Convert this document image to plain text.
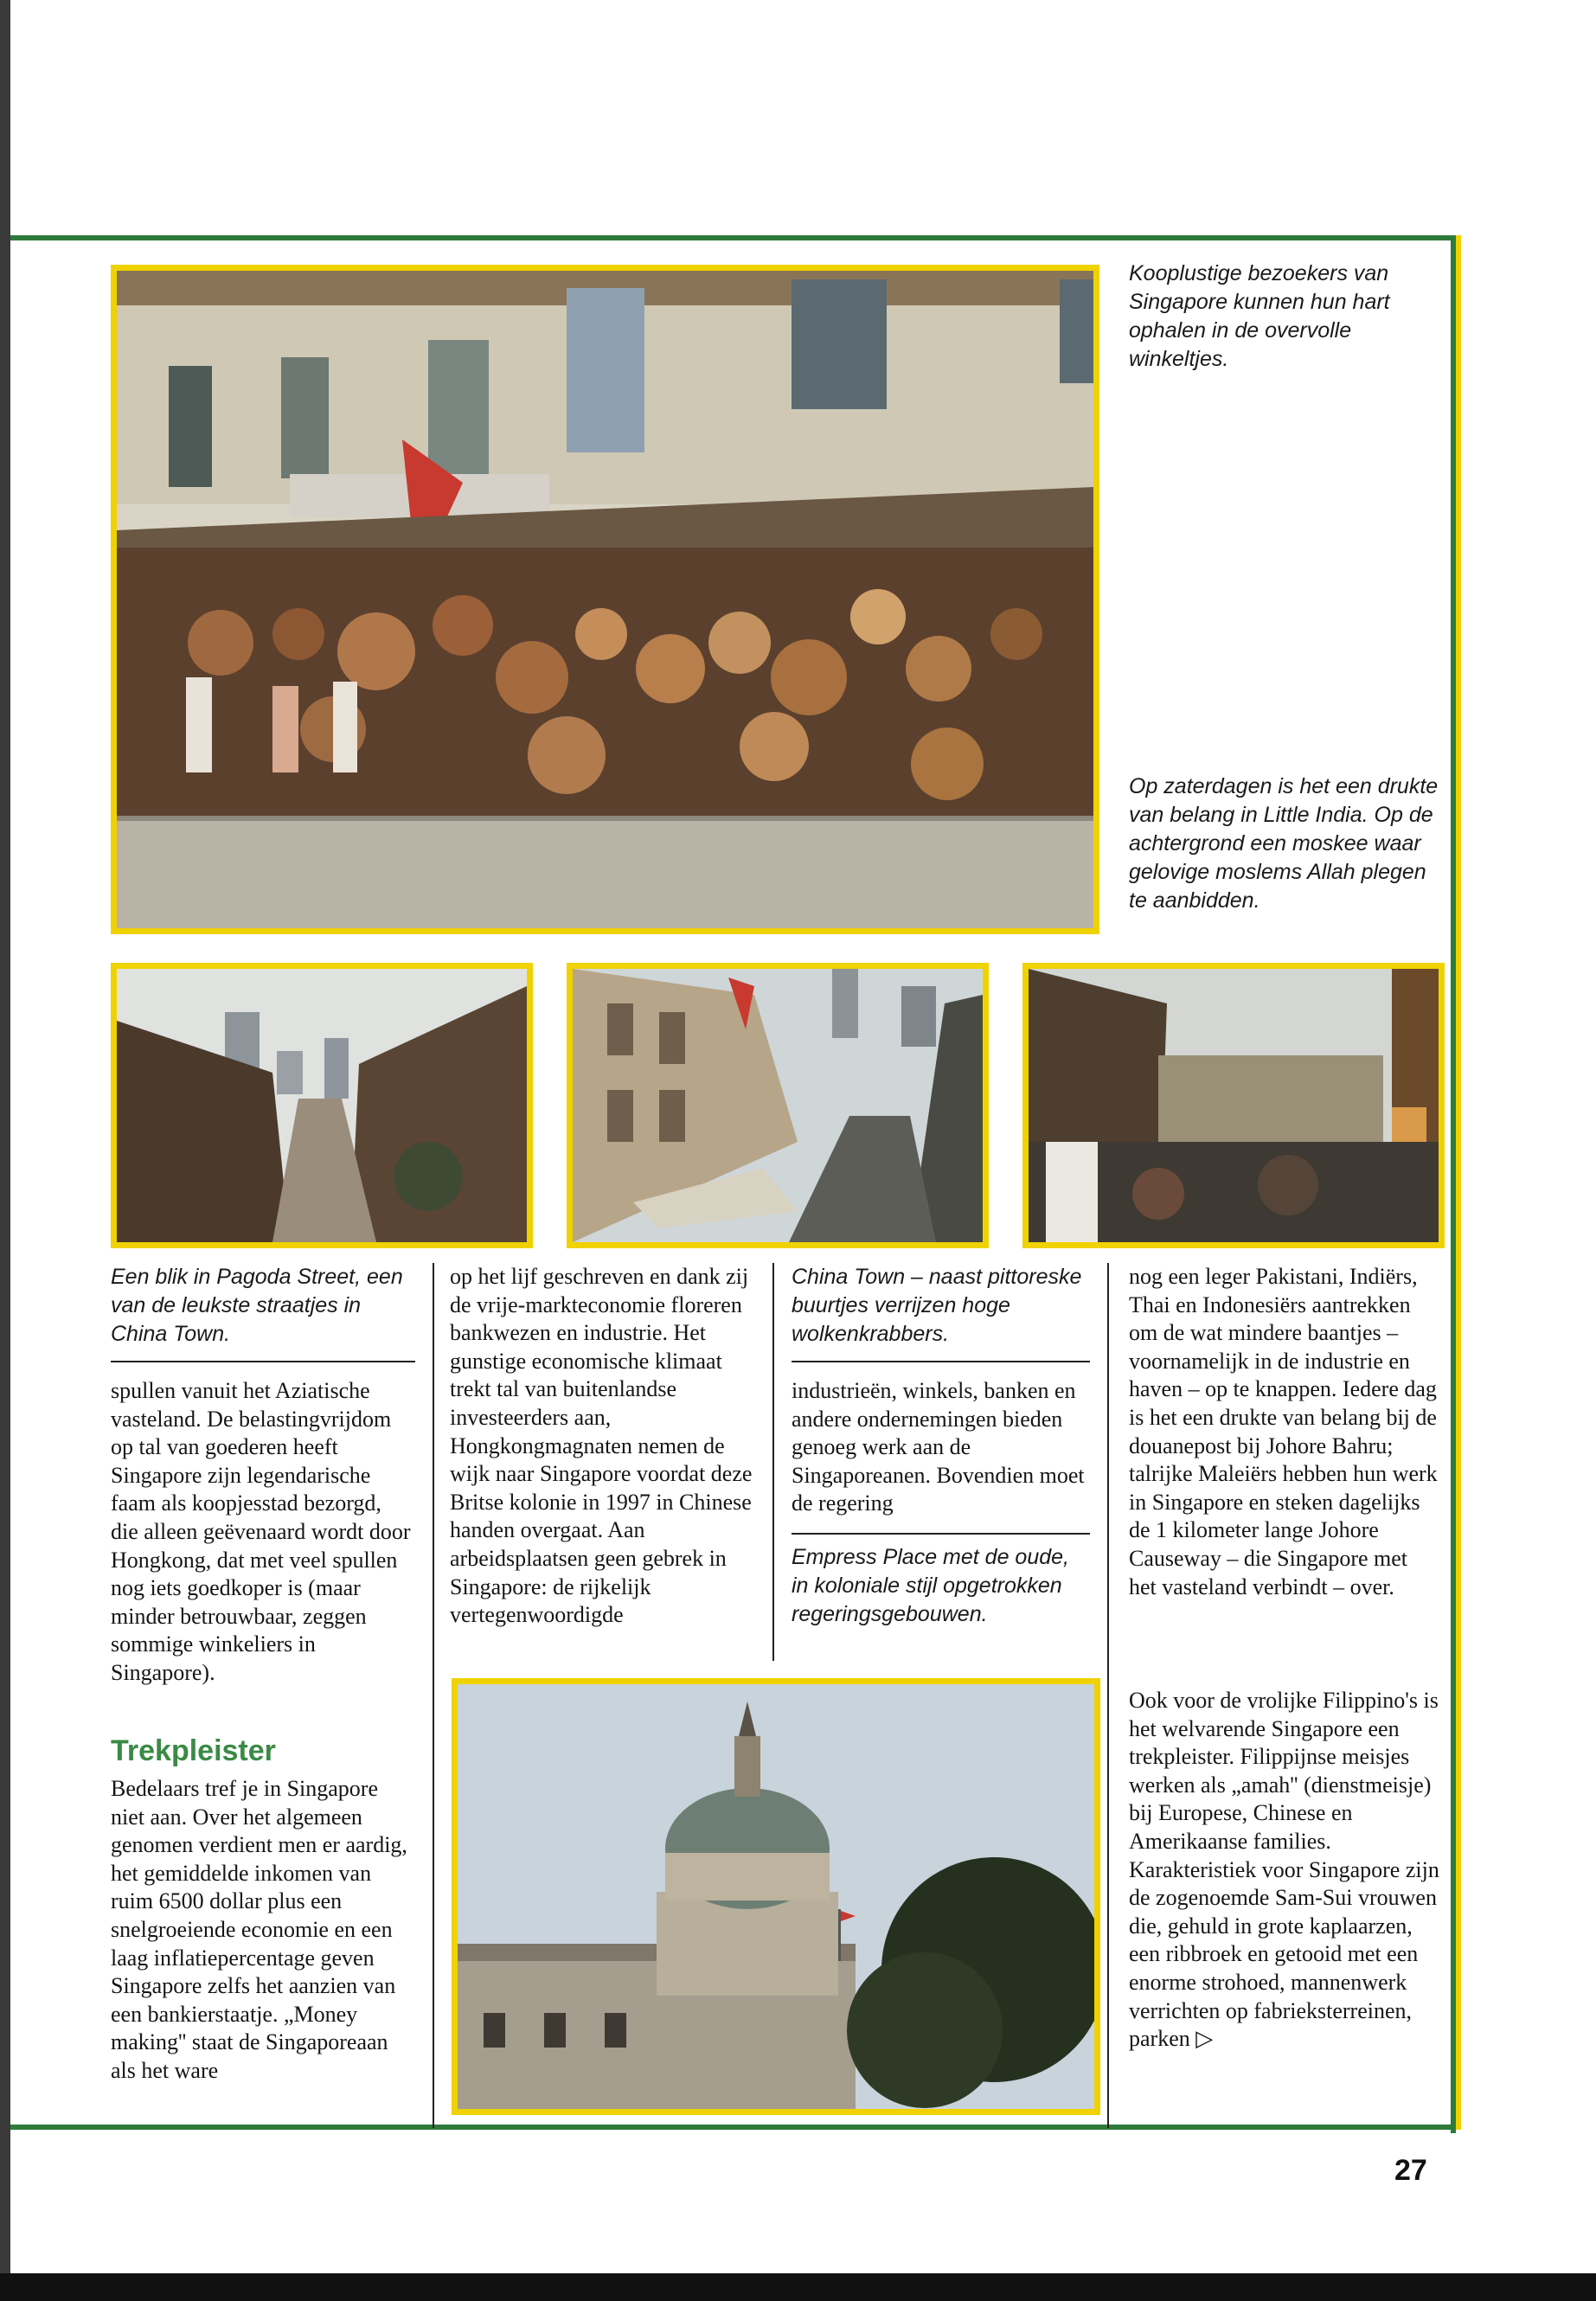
Kooplustige bezoekers van Singapore kunnen hun hart ophalen in de overvolle winkeltjes.

Op zaterdagen is het een drukte van belang in Little India. Op de achtergrond een moskee waar gelovige moslems Allah plegen te aanbidden.

Een blik in Pagoda Street, een van de leukste straatjes in China Town.

China Town – naast pittoreske buurtjes verrijzen hoge wolkenkrabbers.

Empress Place met de oude, in koloniale stijl opgetrokken regeringsgebouwen.

spullen vanuit het Aziatische vasteland. De belastingvrijdom op tal van goederen heeft Singapore zijn legendarische faam als koopjesstad bezorgd, die alleen geëvenaard wordt door Hongkong, dat met veel spullen nog iets goedkoper is (maar minder betrouwbaar, zeggen sommige winkeliers in Singapore).

Trekpleister

Bedelaars tref je in Singapore niet aan. Over het algemeen genomen verdient men er aardig, het gemiddelde inkomen van ruim 6500 dollar plus een snelgroeiende economie en een laag inflatiepercentage geven Singapore zelfs het aanzien van een bankierstaatje. „Money making'' staat de Singaporeaan als het ware

op het lijf geschreven en dank zij de vrije-markteconomie floreren bankwezen en industrie. Het gunstige economische klimaat trekt tal van buitenlandse investeerders aan, Hongkongmagnaten nemen de wijk naar Singapore voordat deze Britse kolonie in 1997 in Chinese handen overgaat. Aan arbeidsplaatsen geen gebrek in Singapore: de rijkelijk vertegenwoordigde

industrieën, winkels, banken en andere ondernemingen bieden genoeg werk aan de Singaporeanen. Bovendien moet de regering

nog een leger Pakistani, Indiërs, Thai en Indonesiërs aantrekken om de wat mindere baantjes – voornamelijk in de industrie en haven – op te knappen. Iedere dag is het een drukte van belang bij de douanepost bij Johore Bahru; talrijke Maleiërs hebben hun werk in Singapore en steken dagelijks de 1 kilometer lange Johore Causeway – die Singapore met het vasteland verbindt – over.

Ook voor de vrolijke Filippino's is het welvarende Singapore een trekpleister. Filippijnse meisjes werken als „amah'' (dienstmeisje) bij Europese, Chinese en Amerikaanse families. Karakteristiek voor Singapore zijn de zogenoemde Sam-Sui vrouwen die, gehuld in grote kaplaarzen, een ribbroek en getooid met een enorme strohoed, mannenwerk verrichten op fabrieksterreinen, parken ▷

27
